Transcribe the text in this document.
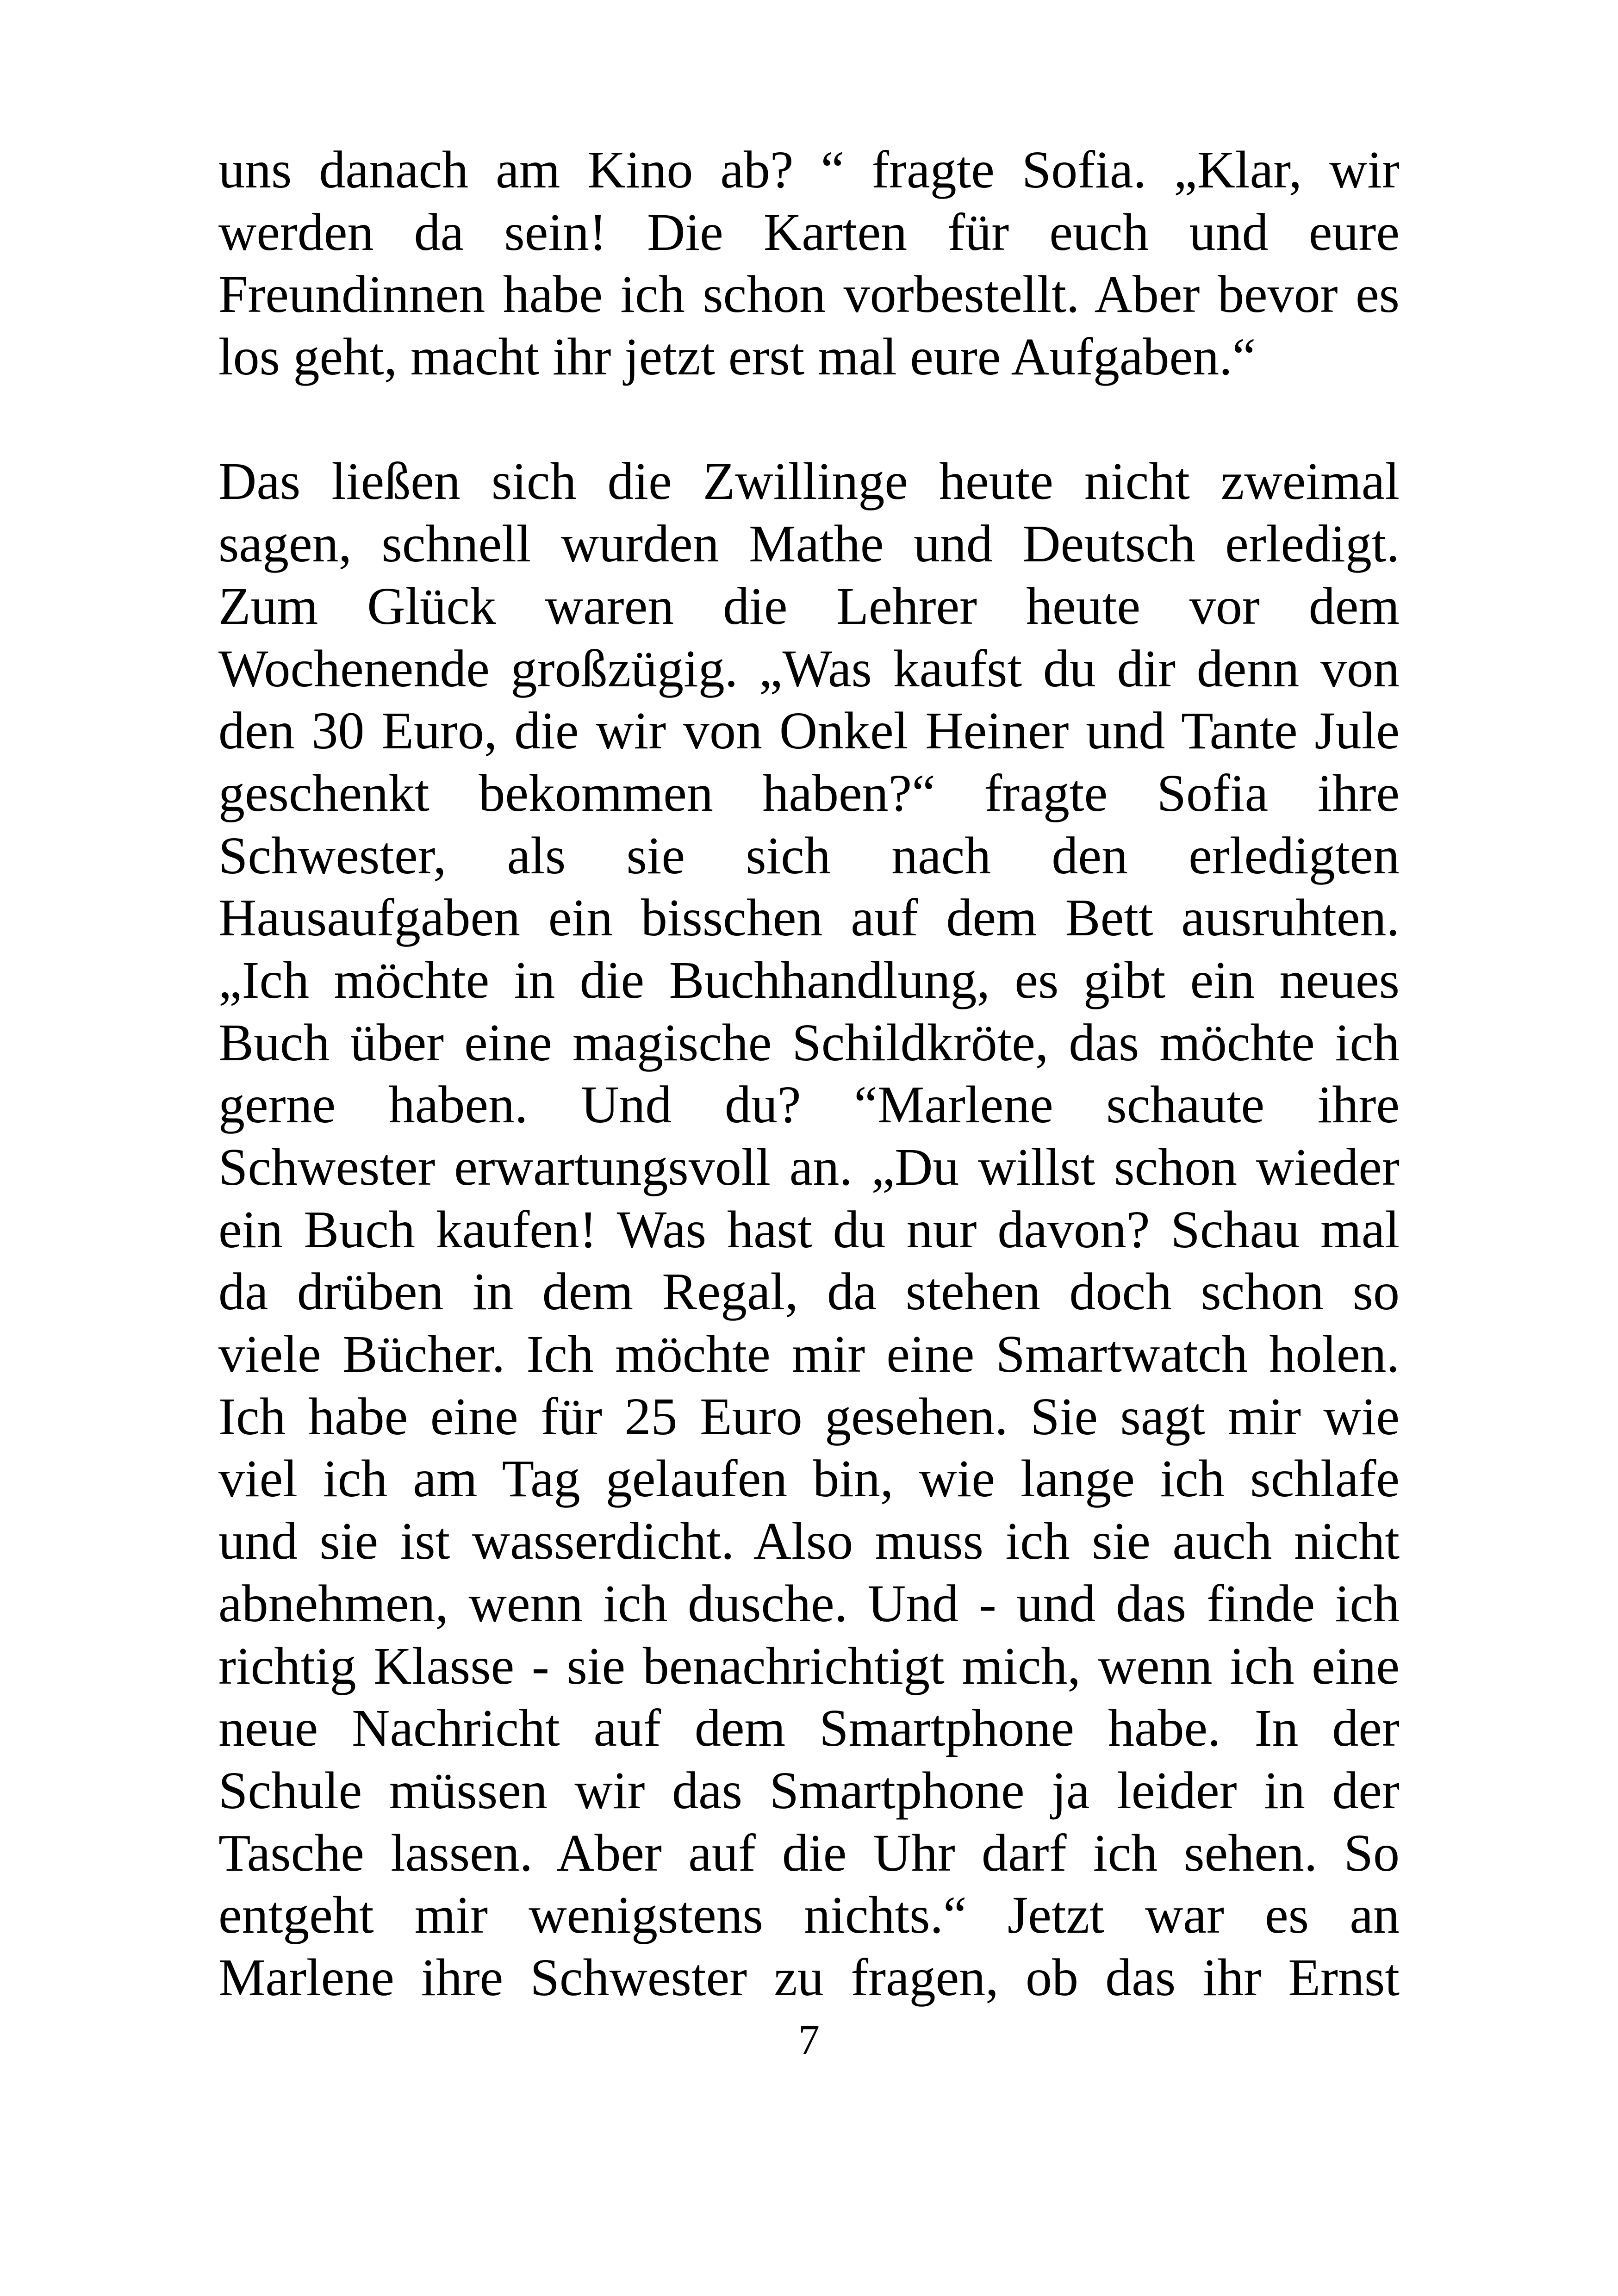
uns danach am Kino ab? “ fragte Sofia. „Klar, wir
werden da sein! Die Karten für euch und eure
Freundinnen habe ich schon vorbestellt. Aber bevor es
los geht, macht ihr jetzt erst mal eure Aufgaben.“
Das ließen sich die Zwillinge heute nicht zweimal
sagen, schnell wurden Mathe und Deutsch erledigt.
Zum Glück waren die Lehrer heute vor dem
Wochenende großzügig. „Was kaufst du dir denn von
den 30 Euro, die wir von Onkel Heiner und Tante Jule
geschenkt bekommen haben?“ fragte Sofia ihre
Schwester, als sie sich nach den erledigten
Hausaufgaben ein bisschen auf dem Bett ausruhten.
„Ich möchte in die Buchhandlung, es gibt ein neues
Buch über eine magische Schildkröte, das möchte ich
gerne haben. Und du? “Marlene schaute ihre
Schwester erwartungsvoll an. „Du willst schon wieder
ein Buch kaufen! Was hast du nur davon? Schau mal
da drüben in dem Regal, da stehen doch schon so
viele Bücher. Ich möchte mir eine Smartwatch holen.
Ich habe eine für 25 Euro gesehen. Sie sagt mir wie
viel ich am Tag gelaufen bin, wie lange ich schlafe
und sie ist wasserdicht. Also muss ich sie auch nicht
abnehmen, wenn ich dusche. Und - und das finde ich
richtig Klasse - sie benachrichtigt mich, wenn ich eine
neue Nachricht auf dem Smartphone habe. In der
Schule müssen wir das Smartphone ja leider in der
Tasche lassen. Aber auf die Uhr darf ich sehen. So
entgeht mir wenigstens nichts.“ Jetzt war es an
Marlene ihre Schwester zu fragen, ob das ihr Ernst
7
